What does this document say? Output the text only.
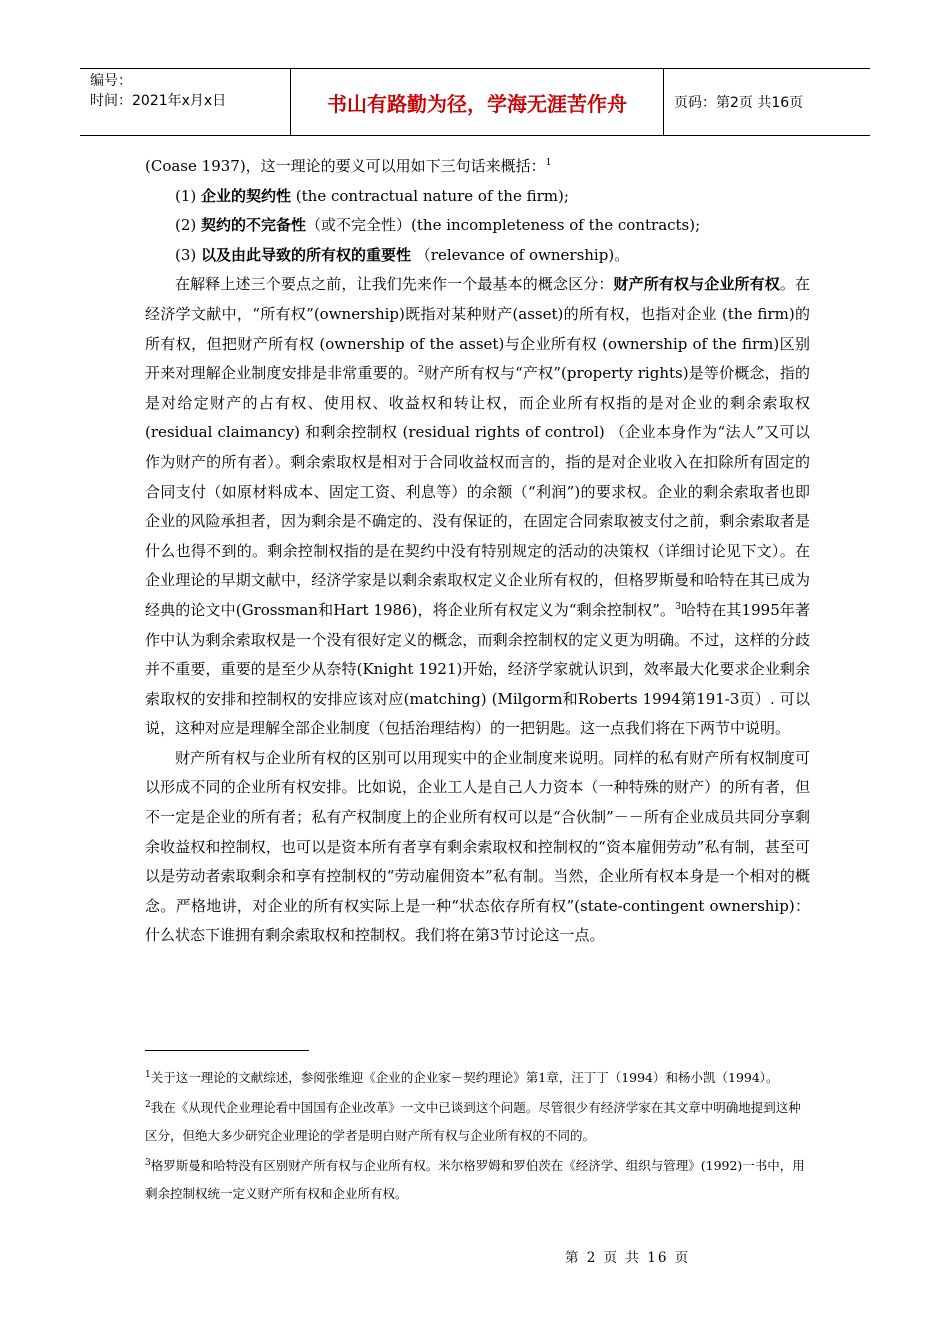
编号：
时间：2021年x月x日	书山有路勤为径，学海无涯苦作舟	页码：第2页 共16页

(Coase 1937)，这一理论的要义可以用如下三句话来概括：$^1$

(1) 企业的契约性 (the contractual nature of the firm);

(2) 契约的不完备性（或不完全性）(the incompleteness of the contracts);

(3) 以及由此导致的所有权的重要性 （relevance of ownership)。

在解释上述三个要点之前，让我们先来作一个最基本的概念区分：财产所有权与企业所有权。在经济学文献中，“所有权”(ownership)既指对某种财产(asset)的所有权，也指对企业 (the firm)的所有权，但把财产所有权 (ownership of the asset)与企业所有权 (ownership of the firm)区别开来对理解企业制度安排是非常重要的。$^2$财产所有权与“产权”(property rights)是等价概念，指的是对给定财产的占有权、使用权、收益权和转让权，而企业所有权指的是对企业的剩余索取权 (residual claimancy) 和剩余控制权 (residual rights of control) （企业本身作为“法人”又可以作为财产的所有者）。剩余索取权是相对于合同收益权而言的，指的是对企业收入在扣除所有固定的合同支付（如原材料成本、固定工资、利息等）的余额（“利润”)的要求权。企业的剩余索取者也即企业的风险承担者，因为剩余是不确定的、没有保证的，在固定合同索取被支付之前，剩余索取者是什么也得不到的。剩余控制权指的是在契约中没有特别规定的活动的决策权（详细讨论见下文）。在企业理论的早期文献中，经济学家是以剩余索取权定义企业所有权的，但格罗斯曼和哈特在其已成为经典的论文中(Grossman和Hart 1986)，将企业所有权定义为“剩余控制权”。$^3$哈特在其1995年著作中认为剩余索取权是一个没有很好定义的概念，而剩余控制权的定义更为明确。不过，这样的分歧并不重要，重要的是至少从奈特(Knight 1921)开始，经济学家就认识到，效率最大化要求企业剩余索取权的安排和控制权的安排应该对应(matching) (Milgorm和Roberts 1994第191-3页）. 可以说，这种对应是理解全部企业制度（包括治理结构）的一把钥匙。这一点我们将在下两节中说明。

财产所有权与企业所有权的区别可以用现实中的企业制度来说明。同样的私有财产所有权制度可以形成不同的企业所有权安排。比如说，企业工人是自己人力资本（一种特殊的财产）的所有者，但不一定是企业的所有者；私有产权制度上的企业所有权可以是“合伙制”－－所有企业成员共同分享剩余收益权和控制权，也可以是资本所有者享有剩余索取权和控制权的“资本雇佣劳动”私有制，甚至可以是劳动者索取剩余和享有控制权的“劳动雇佣资本”私有制。当然，企业所有权本身是一个相对的概念。严格地讲，对企业的所有权实际上是一种“状态依存所有权”(state-contingent ownership)：什么状态下谁拥有剩余索取权和控制权。我们将在第3节讨论这一点。

$^1$关于这一理论的文献综述，参阅张维迎《企业的企业家－契约理论》第1章，汪丁丁（1994）和杨小凯（1994）。

$^2$我在《从现代企业理论看中国国有企业改革》一文中已谈到这个问题。尽管很少有经济学家在其文章中明确地提到这种区分，但绝大多少研究企业理论的学者是明白财产所有权与企业所有权的不同的。

$^3$格罗斯曼和哈特没有区别财产所有权与企业所有权。米尔格罗姆和罗伯茨在《经济学、组织与管理》(1992)一书中，用剩余控制权统一定义财产所有权和企业所有权。

第 2 页 共 16 页
